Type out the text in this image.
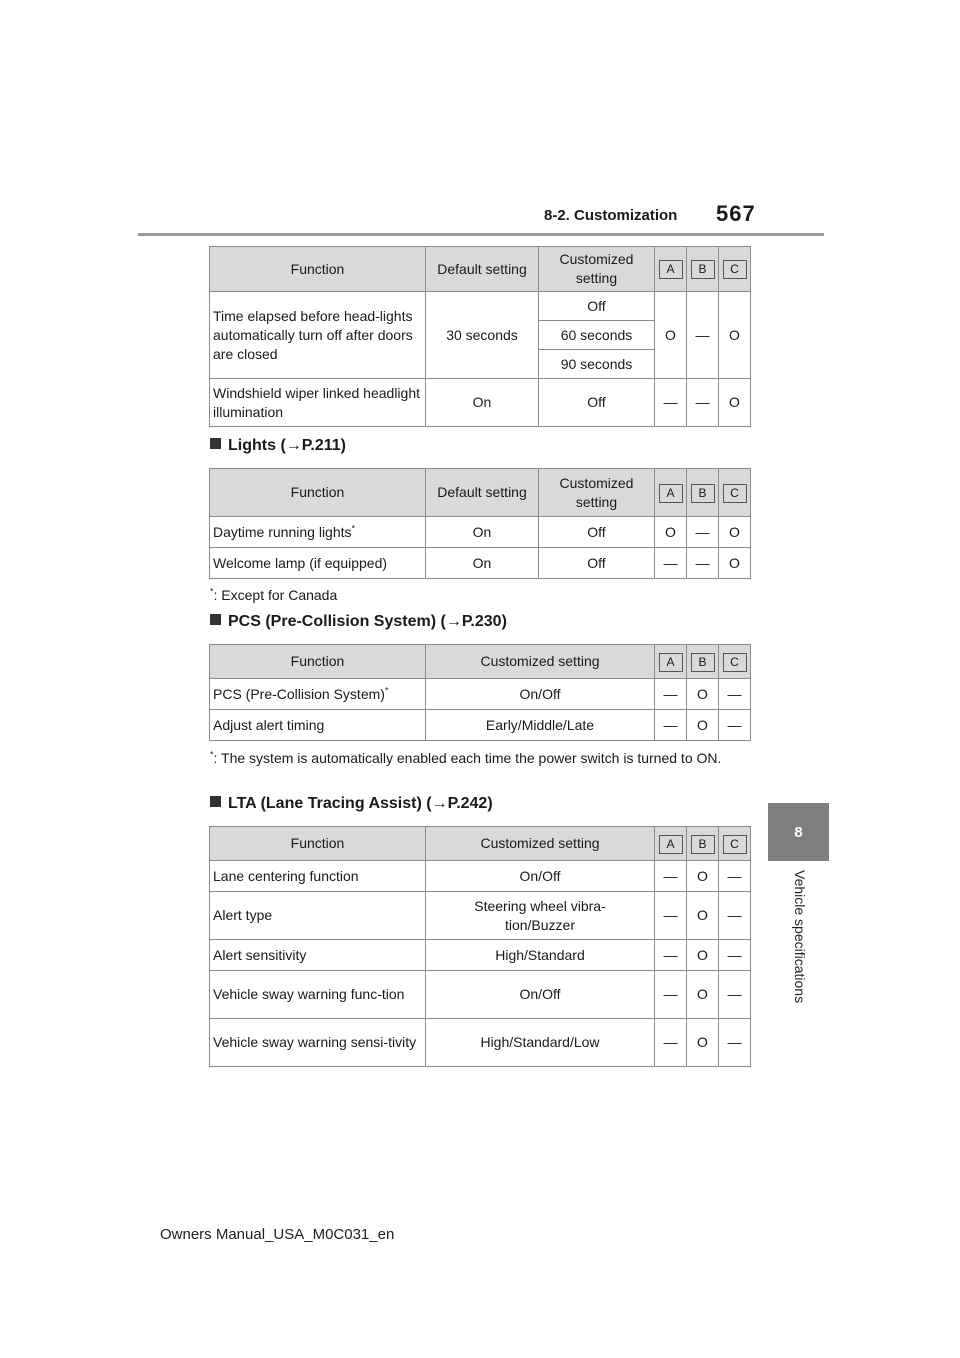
8-2. Customization 567
8
Vehicle specifications
Function	Default setting	Customized setting	A	B	C
Time elapsed before head-lights automatically turn off after doors are closed	30 seconds	Off	O	—	O
		60 seconds			
		90 seconds			
Windshield wiper linked headlight illumination	On	Off	—	—	O
Lights (→P.211)
Function	Default setting	Customized setting	A	B	C
Daytime running lights*	On	Off	O	—	O
Welcome lamp (if equipped)	On	Off	—	—	O
*: Except for Canada
PCS (Pre-Collision System) (→P.230)
Function	Customized setting	A	B	C
PCS (Pre-Collision System)*	On/Off	—	O	—
Adjust alert timing	Early/Middle/Late	—	O	—
*: The system is automatically enabled each time the power switch is turned to ON.
LTA (Lane Tracing Assist) (→P.242)
Function	Customized setting	A	B	C
Lane centering function	On/Off	—	O	—
Alert type	Steering wheel vibra-tion/Buzzer	—	O	—
Alert sensitivity	High/Standard	—	O	—
Vehicle sway warning func-tion	On/Off	—	O	—
Vehicle sway warning sensi-tivity	High/Standard/Low	—	O	—
Owners Manual_USA_M0C031_en
